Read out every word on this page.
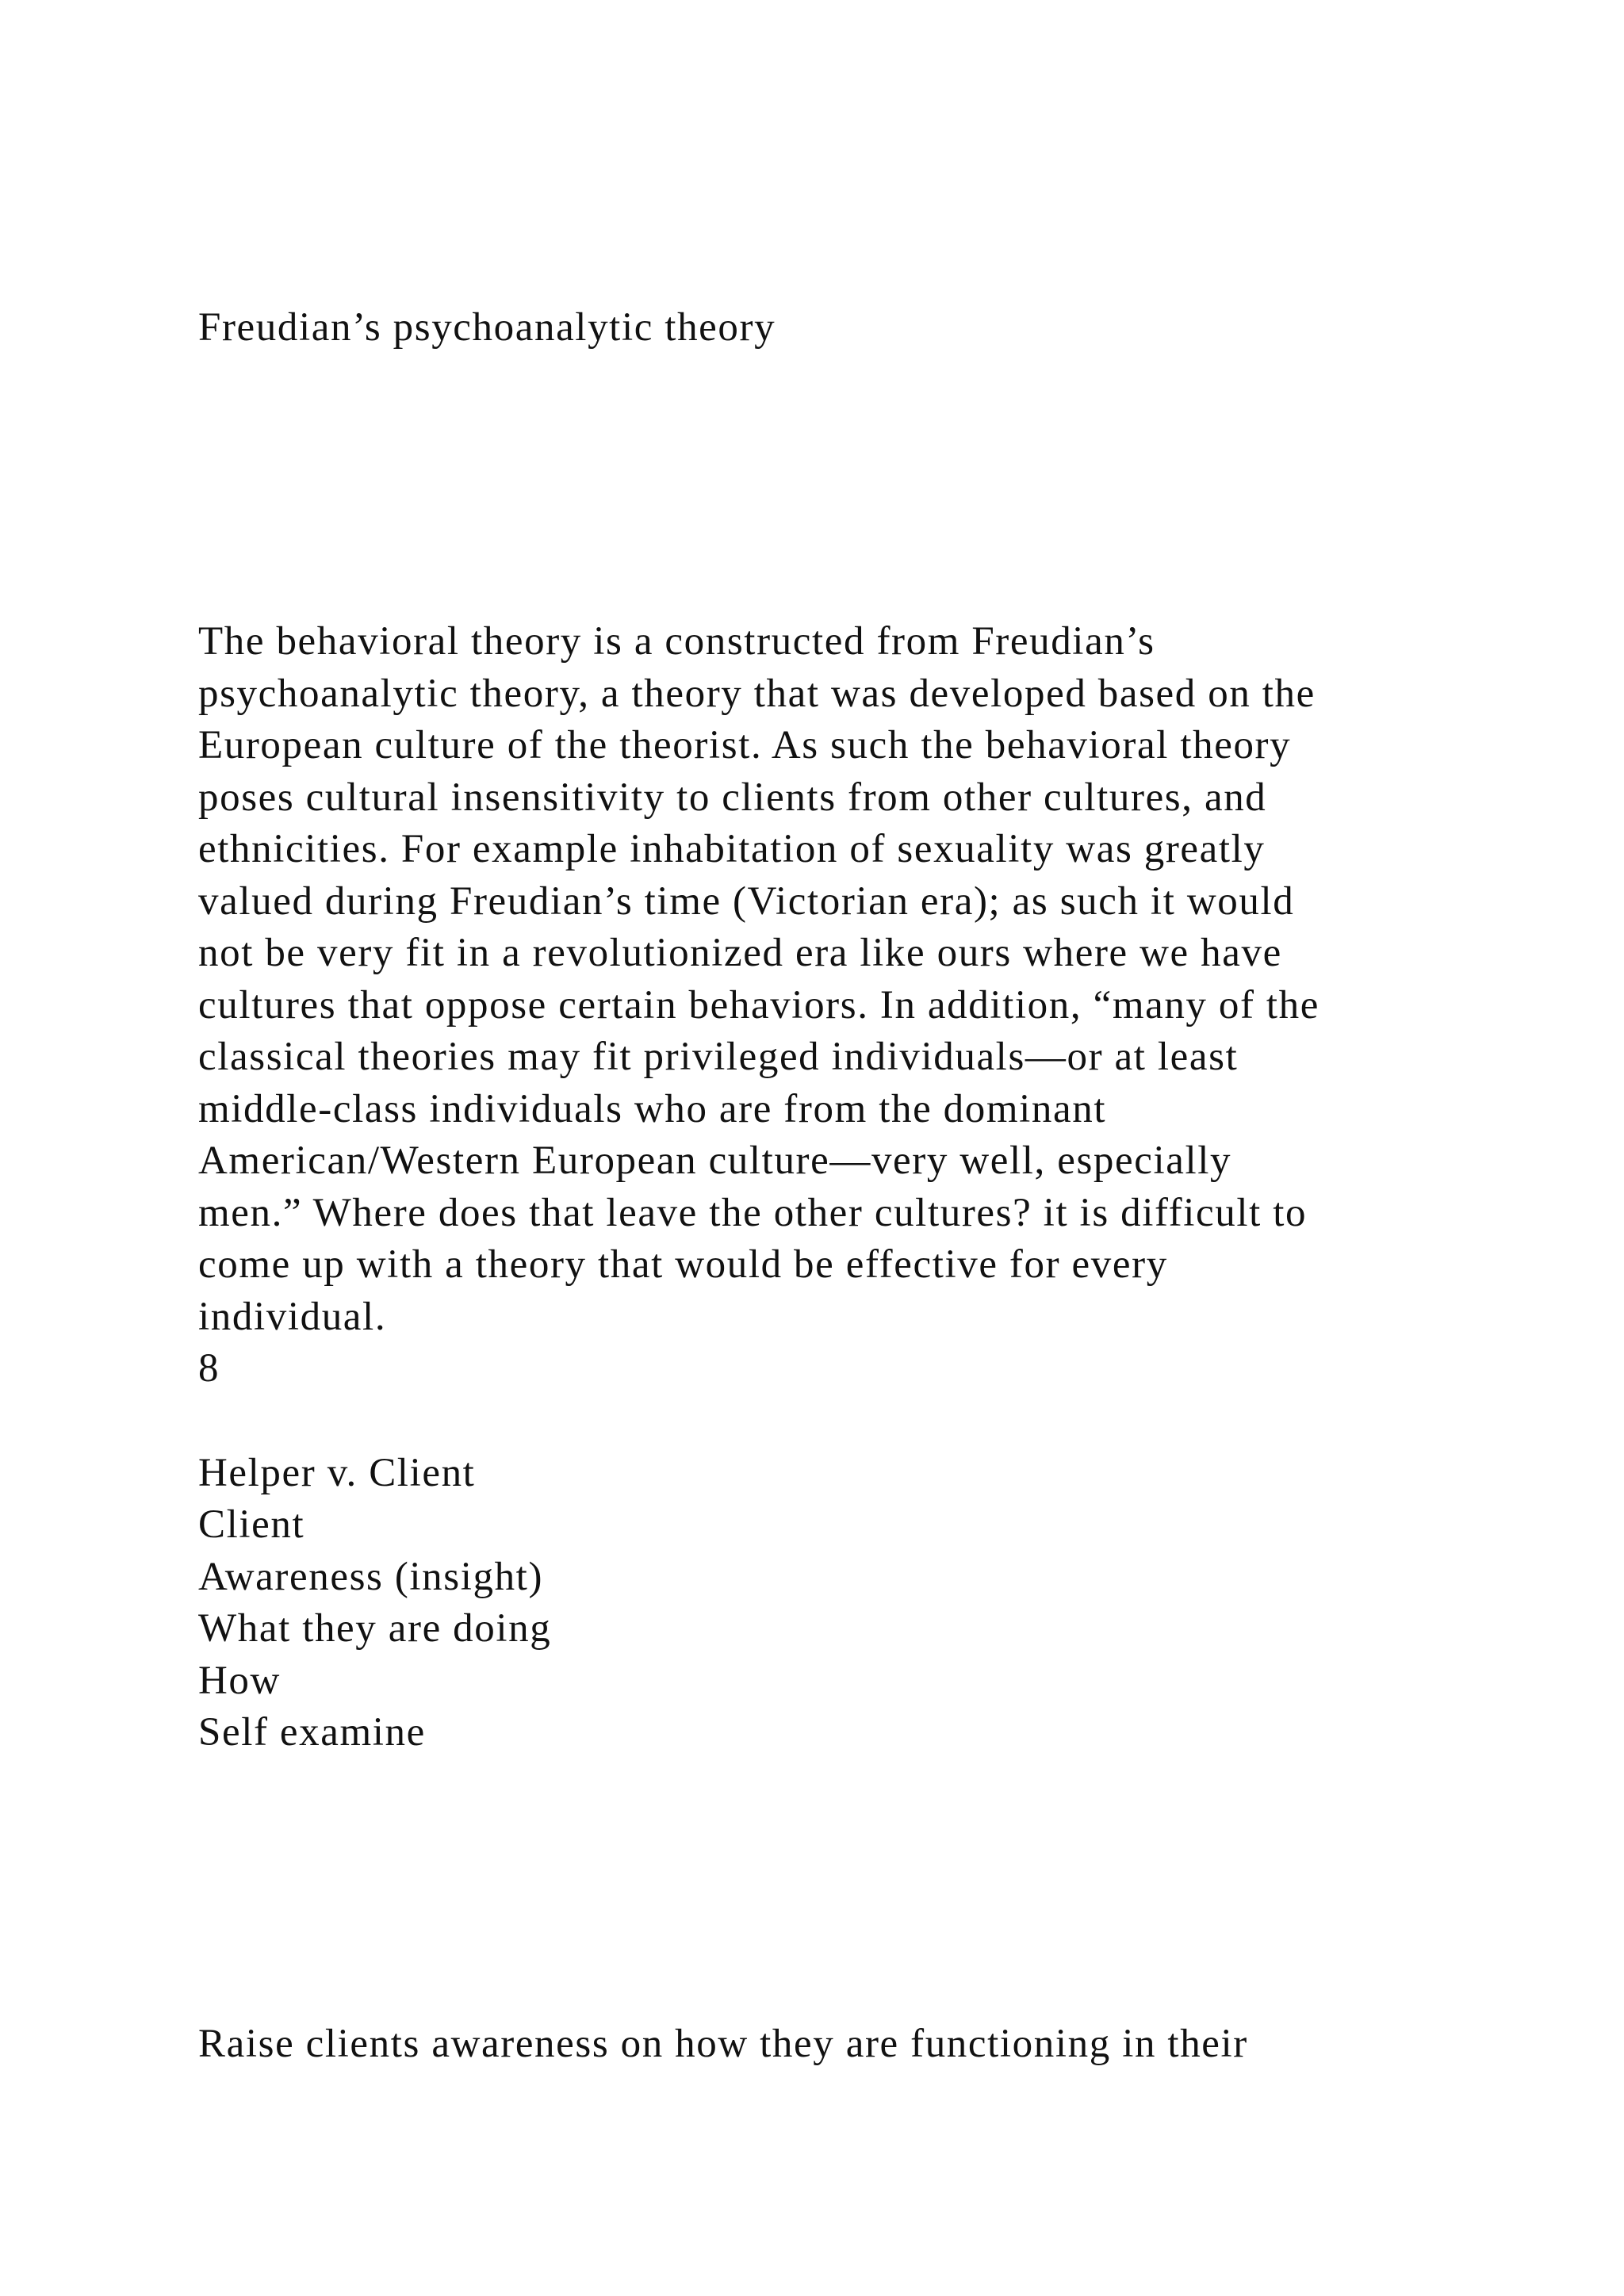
Freudian’s psychoanalytic theory
The behavioral theory is a constructed from Freudian’s
psychoanalytic theory, a theory that was developed based on the
European culture of the theorist. As such the behavioral theory
poses cultural insensitivity to clients from other cultures, and
ethnicities. For example inhabitation of sexuality was greatly
valued during Freudian’s time (Victorian era); as such it would
not be very fit in a revolutionized era like ours where we have
cultures that oppose certain behaviors. In addition, “many of the
classical theories may fit privileged individuals—or at least
middle-class individuals who are from the dominant
American/Western European culture—very well, especially
men.” Where does that leave the other cultures? it is difficult to
come up with a theory that would be effective for every
individual.
8
Helper v. Client
Client
Awareness (insight)
What they are doing
How
Self examine
Raise clients awareness on how they are functioning in their
